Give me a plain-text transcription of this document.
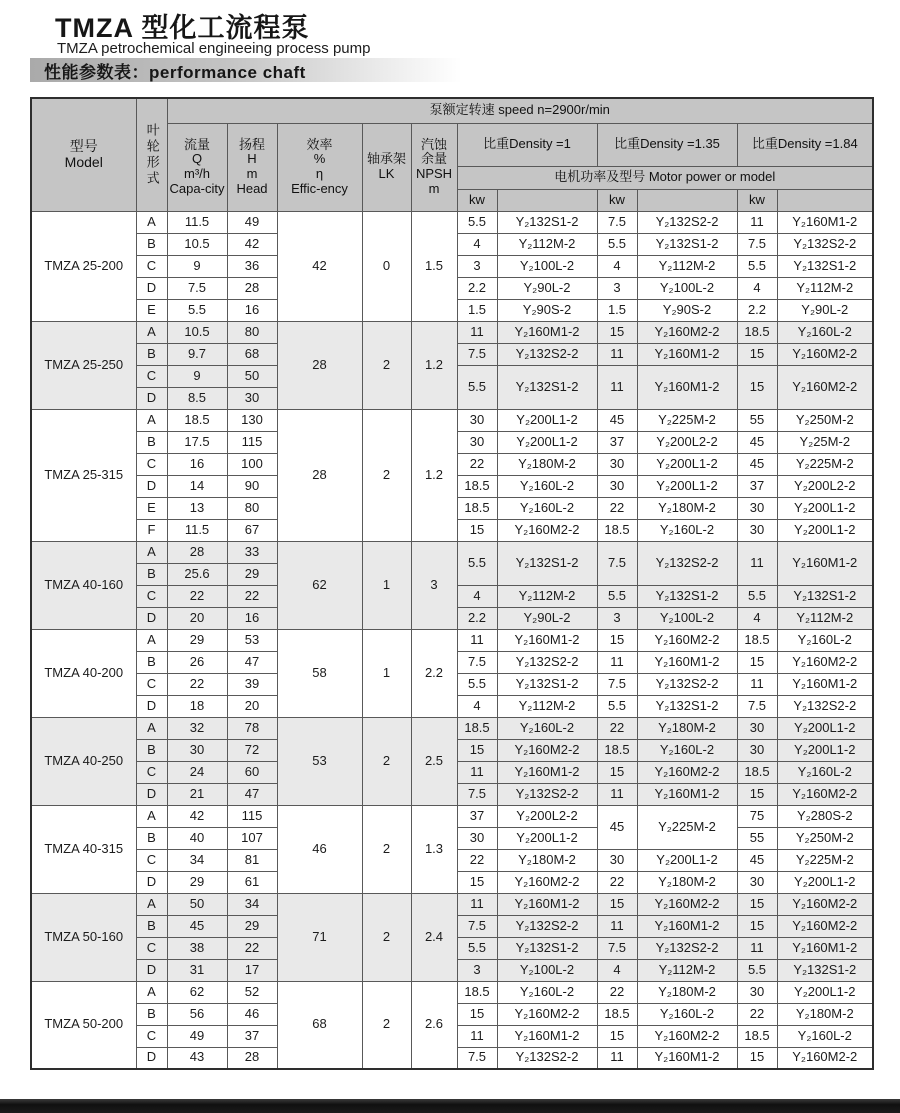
TMZA 型化工流程泵
TMZA petrochemical engineeing process pump
性能参数表：performance chaft
型号
Model	叶轮形式	泵额定转速 speed n=2900r/min										

		流量
Q
m³/h
Capa-city	扬程
H
m
Head	效率
%
η
Effic-ency	轴承架
LK	汽蚀
余量
NPSH
m	比重Density =1		比重Density =1.35		比重Density =1.84	
							电机功率及型号 Motor power or model					
							kw		kw		kw	
TMZA 25-200	A	11.5	49	42	0	1.5	5.5	Y₂132S1-2	7.5	Y₂132S2-2	11	Y₂160M1-2
	B	10.5	42				4	Y₂112M-2	5.5	Y₂132S1-2	7.5	Y₂132S2-2
	C	9	36				3	Y₂100L-2	4	Y₂112M-2	5.5	Y₂132S1-2
	D	7.5	28				2.2	Y₂90L-2	3	Y₂100L-2	4	Y₂112M-2
	E	5.5	16				1.5	Y₂90S-2	1.5	Y₂90S-2	2.2	Y₂90L-2
TMZA 25-250	A	10.5	80	28	2	1.2	11	Y₂160M1-2	15	Y₂160M2-2	18.5	Y₂160L-2
	B	9.7	68				7.5	Y₂132S2-2	11	Y₂160M1-2	15	Y₂160M2-2
	C	9	50				5.5	Y₂132S1-2	11	Y₂160M1-2	15	Y₂160M2-2
	D	8.5	30									
TMZA 25-315	A	18.5	130	28	2	1.2	30	Y₂200L1-2	45	Y₂225M-2	55	Y₂250M-2
	B	17.5	115				30	Y₂200L1-2	37	Y₂200L2-2	45	Y₂25M-2
	C	16	100				22	Y₂180M-2	30	Y₂200L1-2	45	Y₂225M-2
	D	14	90				18.5	Y₂160L-2	30	Y₂200L1-2	37	Y₂200L2-2
	E	13	80				18.5	Y₂160L-2	22	Y₂180M-2	30	Y₂200L1-2
	F	11.5	67				15	Y₂160M2-2	18.5	Y₂160L-2	30	Y₂200L1-2
TMZA 40-160	A	28	33	62	1	3	5.5	Y₂132S1-2	7.5	Y₂132S2-2	11	Y₂160M1-2
	B	25.6	29									
	C	22	22				4	Y₂112M-2	5.5	Y₂132S1-2	5.5	Y₂132S1-2
	D	20	16				2.2	Y₂90L-2	3	Y₂100L-2	4	Y₂112M-2
TMZA 40-200	A	29	53	58	1	2.2	11	Y₂160M1-2	15	Y₂160M2-2	18.5	Y₂160L-2
	B	26	47				7.5	Y₂132S2-2	11	Y₂160M1-2	15	Y₂160M2-2
	C	22	39				5.5	Y₂132S1-2	7.5	Y₂132S2-2	11	Y₂160M1-2
	D	18	20				4	Y₂112M-2	5.5	Y₂132S1-2	7.5	Y₂132S2-2
TMZA 40-250	A	32	78	53	2	2.5	18.5	Y₂160L-2	22	Y₂180M-2	30	Y₂200L1-2
	B	30	72				15	Y₂160M2-2	18.5	Y₂160L-2	30	Y₂200L1-2
	C	24	60				11	Y₂160M1-2	15	Y₂160M2-2	18.5	Y₂160L-2
	D	21	47				7.5	Y₂132S2-2	11	Y₂160M1-2	15	Y₂160M2-2
TMZA 40-315	A	42	115	46	2	1.3	37	Y₂200L2-2	45	Y₂225M-2	75	Y₂280S-2
	B	40	107				30	Y₂200L1-2			55	Y₂250M-2
	C	34	81				22	Y₂180M-2	30	Y₂200L1-2	45	Y₂225M-2
	D	29	61				15	Y₂160M2-2	22	Y₂180M-2	30	Y₂200L1-2
TMZA 50-160	A	50	34	71	2	2.4	11	Y₂160M1-2	15	Y₂160M2-2	15	Y₂160M2-2
	B	45	29				7.5	Y₂132S2-2	11	Y₂160M1-2	15	Y₂160M2-2
	C	38	22				5.5	Y₂132S1-2	7.5	Y₂132S2-2	11	Y₂160M1-2
	D	31	17				3	Y₂100L-2	4	Y₂112M-2	5.5	Y₂132S1-2
TMZA 50-200	A	62	52	68	2	2.6	18.5	Y₂160L-2	22	Y₂180M-2	30	Y₂200L1-2
	B	56	46				15	Y₂160M2-2	18.5	Y₂160L-2	22	Y₂180M-2
	C	49	37				11	Y₂160M1-2	15	Y₂160M2-2	18.5	Y₂160L-2
	D	43	28				7.5	Y₂132S2-2	11	Y₂160M1-2	15	Y₂160M2-2
